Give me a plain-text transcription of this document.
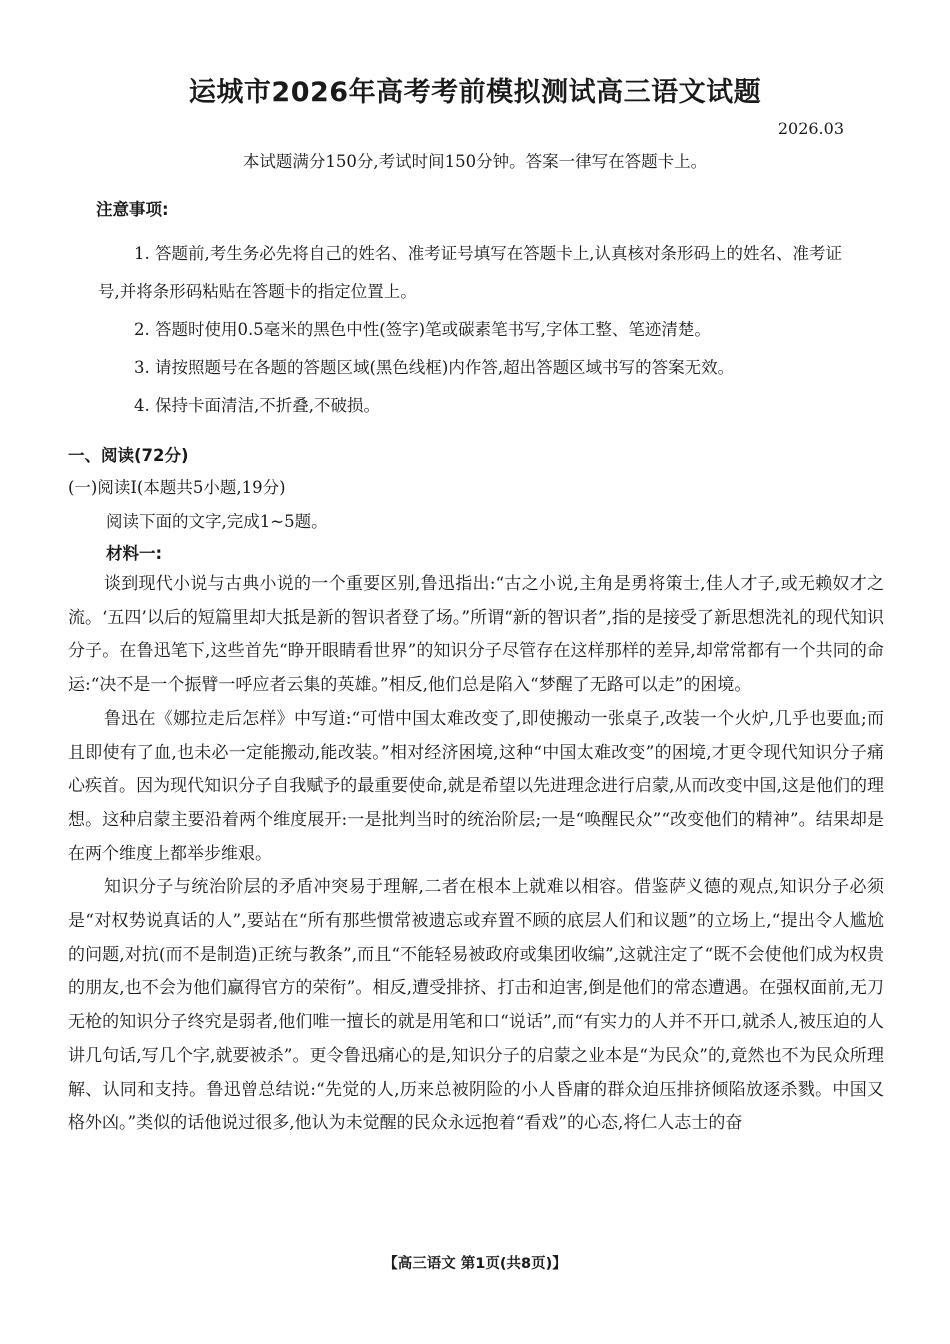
运城市2026年高考考前模拟测试高三语文试题
2026.03
本试题满分150分,考试时间150分钟。答案一律写在答题卡上。
注意事项:

1. 答题前,考生务必先将自己的姓名、准考证号填写在答题卡上,认真核对条形码上的姓名、准考证号,并将条形码粘贴在答题卡的指定位置上。

2. 答题时使用0.5毫米的黑色中性(签字)笔或碳素笔书写,字体工整、笔迹清楚。

3. 请按照题号在各题的答题区域(黑色线框)内作答,超出答题区域书写的答案无效。

4. 保持卡面清洁,不折叠,不破损。

一、阅读(72分)
(一)阅读Ⅰ(本题共5小题,19分)
阅读下面的文字,完成1~5题。
材料一:

谈到现代小说与古典小说的一个重要区别,鲁迅指出:“古之小说,主角是勇将策士,佳人才子,或无赖奴才之流。‘五四’以后的短篇里却大抵是新的智识者登了场。”所谓“新的智识者”,指的是接受了新思想洗礼的现代知识分子。在鲁迅笔下,这些首先“睁开眼睛看世界”的知识分子尽管存在这样那样的差异,却常常都有一个共同的命运:“决不是一个振臂一呼应者云集的英雄。”相反,他们总是陷入“梦醒了无路可以走”的困境。

鲁迅在《娜拉走后怎样》中写道:“可惜中国太难改变了,即使搬动一张桌子,改装一个火炉,几乎也要血;而且即使有了血,也未必一定能搬动,能改装。”相对经济困境,这种“中国太难改变”的困境,才更令现代知识分子痛心疾首。因为现代知识分子自我赋予的最重要使命,就是希望以先进理念进行启蒙,从而改变中国,这是他们的理想。这种启蒙主要沿着两个维度展开:一是批判当时的统治阶层;一是“唤醒民众”“改变他们的精神”。结果却是在两个维度上都举步维艰。

知识分子与统治阶层的矛盾冲突易于理解,二者在根本上就难以相容。借鉴萨义德的观点,知识分子必须是“对权势说真话的人”,要站在“所有那些惯常被遗忘或弃置不顾的底层人们和议题”的立场上,“提出令人尴尬的问题,对抗(而不是制造)正统与教条”,而且“不能轻易被政府或集团收编”,这就注定了“既不会使他们成为权贵的朋友,也不会为他们赢得官方的荣衔”。相反,遭受排挤、打击和迫害,倒是他们的常态遭遇。在强权面前,无刀无枪的知识分子终究是弱者,他们唯一擅长的就是用笔和口“说话”,而“有实力的人并不开口,就杀人,被压迫的人讲几句话,写几个字,就要被杀”。更令鲁迅痛心的是,知识分子的启蒙之业本是“为民众”的,竟然也不为民众所理解、认同和支持。鲁迅曾总结说:“先觉的人,历来总被阴险的小人昏庸的群众迫压排挤倾陷放逐杀戮。中国又格外凶。”类似的话他说过很多,他认为未觉醒的民众永远抱着“看戏”的心态,将仁人志士的奋

【高三语文 第1页(共8页)】
